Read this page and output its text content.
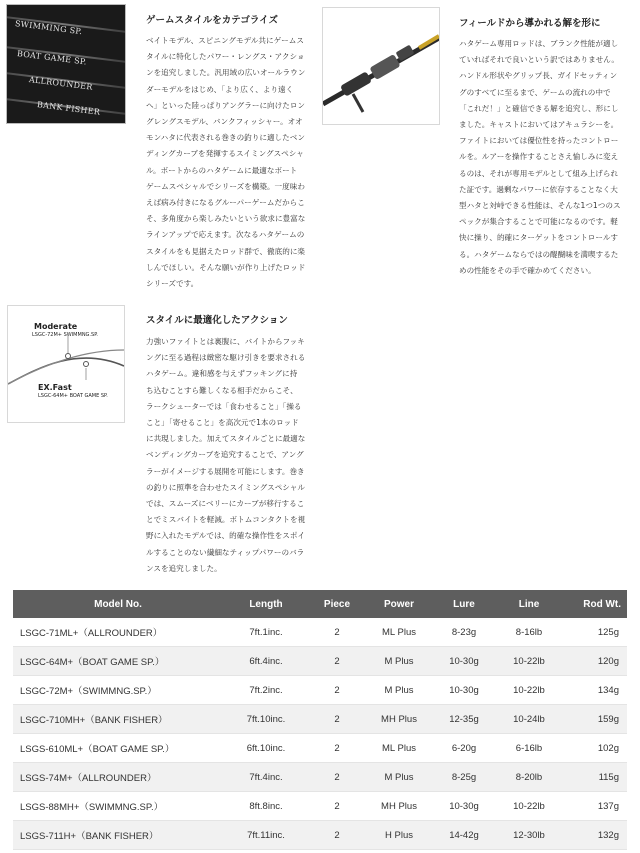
SWIMMING SP.
BOAT GAME SP.
ALLROUNDER
BANK FISHER
ゲームスタイルをカテゴライズ
ベイトモデル、スピニングモデル共にゲームス
タイルに特化したパワー・レングス・アクショ
ンを追究しました。汎用域の広いオールラウン
ダーモデルをはじめ、「より広く、より遠く
へ」といった陸っぱりアングラーに向けたロン
グレングスモデル、バンクフィッシャー。オオ
モンハタに代表される巻きの釣りに適したベン
ディングカーブを発揮するスイミングスペシャ
ル。ボートからのハタゲームに最適なボート
ゲームスペシャルでシリーズを構築。一度味わ
えば病み付きになるグルーパーゲームだからこ
そ、多角度から楽しみたいという欲求に豊富な
ラインアップで応えます。次なるハタゲームの
スタイルをも見据えたロッド群で、徹底的に楽
しんでほしい。そんな願いが作り上げたロッド
シリーズです。
フィールドから導かれる解を形に
ハタゲーム専用ロッドは、ブランク性能が適し
ていればそれで良いという訳ではありません。
ハンドル形状やグリップ長、ガイドセッティン
グのすべてに至るまで、ゲームの流れの中で
「これだ！」と確信できる解を追究し、形にし
ました。キャストにおいてはアキュラシーを。
ファイトにおいては優位性を持ったコントロー
ルを。ルアーを操作することさえ愉しみに変え
るのは、それが専用モデルとして組み上げられ
た証です。過剰なパワーに依存することなく大
型ハタと対峙できる性能は、そんな1つ1つのス
ペックが集合することで可能になるのです。軽
快に操り、的確にターゲットをコントロールす
る。ハタゲームならではの醍醐味を満喫するた
めの性能をその手で確かめてください。
Moderate
LSGC-72M+ SWIMMNG.SP.
EX.Fast
LSGC-64M+ BOAT GAME SP.
スタイルに最適化したアクション
力強いファイトとは裏腹に、バイトからフッキ
ングに至る過程は緻密な駆け引きを要求される
ハタゲーム。違和感を与えずフッキングに持
ち込むことすら難しくなる相手だからこそ、
ラークシューターでは「食わせること」「操る
こと」「寄せること」を高次元で1本のロッド
に共現しました。加えてスタイルごとに最適な
ベンディングカーブを追究することで、アング
ラーがイメージする展開を可能にします。巻き
の釣りに照準を合わせたスイミングスペシャル
では、スムーズにベリーにカーブが移行するこ
とでミスバイトを軽減。ボトムコンタクトを視
野に入れたモデルでは、的確な操作性をスポイ
ルすることのない繊細なティップパワーのバラ
ンスを追究しました。
Model No.	Length	Piece	Power	Lure	Line	Rod Wt.
LSGC-71ML+（ALLROUNDER）	7ft.1inc.	2	ML Plus	8-23g	8-16lb	125g
LSGC-64M+（BOAT GAME SP.）	6ft.4inc.	2	M Plus	10-30g	10-22lb	120g
LSGC-72M+（SWIMMNG.SP.）	7ft.2inc.	2	M Plus	10-30g	10-22lb	134g
LSGC-710MH+（BANK FISHER）	7ft.10inc.	2	MH Plus	12-35g	10-24lb	159g
LSGS-610ML+（BOAT GAME SP.）	6ft.10inc.	2	ML Plus	6-20g	6-16lb	102g
LSGS-74M+（ALLROUNDER）	7ft.4inc.	2	M Plus	8-25g	8-20lb	115g
LSGS-88MH+（SWIMMNG.SP.）	8ft.8inc.	2	MH Plus	10-30g	10-22lb	137g
LSGS-711H+（BANK FISHER）	7ft.11inc.	2	H Plus	14-42g	12-30lb	132g
